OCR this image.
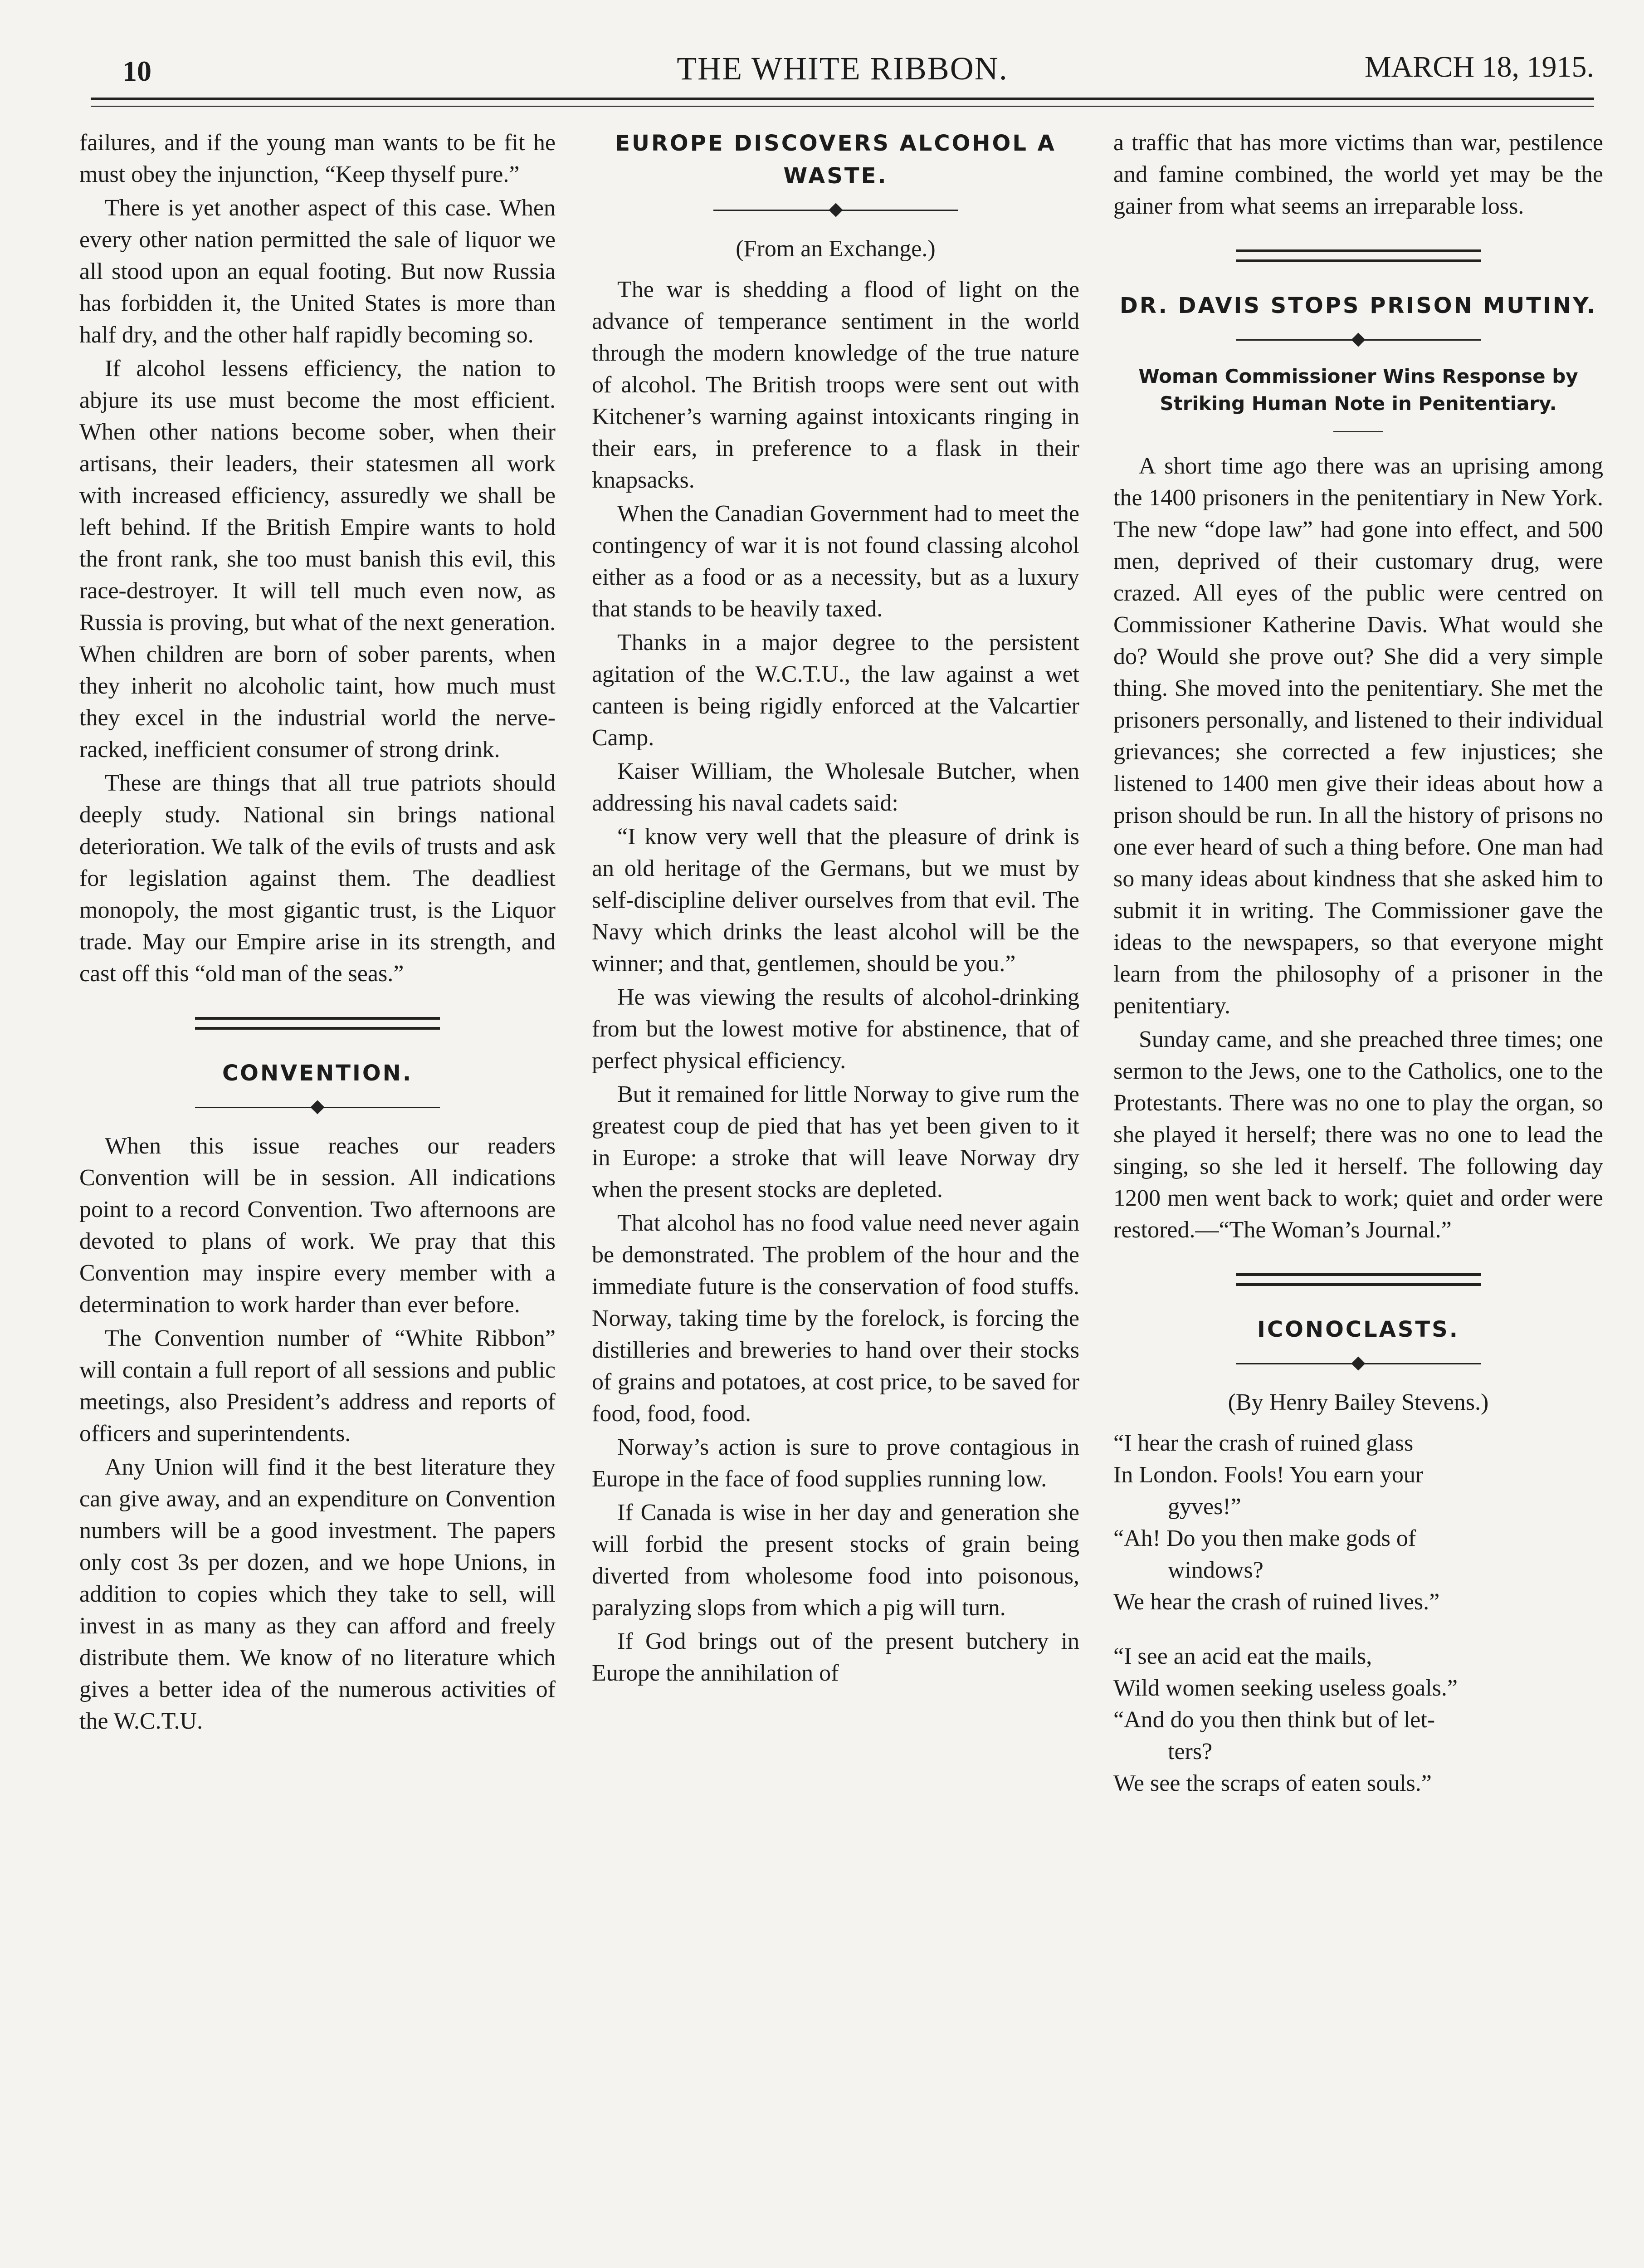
10	THE WHITE RIBBON.	MARCH 18, 1915.

failures, and if the young man wants to be fit he must obey the injunction, “Keep thyself pure.”

There is yet another aspect of this case. When every other nation permitted the sale of liquor we all stood upon an equal footing. But now Russia has forbidden it, the United States is more than half dry, and the other half rapidly becoming so.

If alcohol lessens efficiency, the nation to abjure its use must become the most efficient. When other nations become sober, when their artisans, their leaders, their statesmen all work with increased efficiency, assuredly we shall be left behind. If the British Empire wants to hold the front rank, she too must banish this evil, this race-destroyer. It will tell much even now, as Russia is proving, but what of the next generation. When children are born of sober parents, when they inherit no alcoholic taint, how much must they excel in the industrial world the nerve-racked, inefficient consumer of strong drink.

These are things that all true patriots should deeply study. National sin brings national deterioration. We talk of the evils of trusts and ask for legislation against them. The deadliest monopoly, the most gigantic trust, is the Liquor trade. May our Empire arise in its strength, and cast off this “old man of the seas.”

CONVENTION.

When this issue reaches our readers Convention will be in session. All indications point to a record Convention. Two afternoons are devoted to plans of work. We pray that this Convention may inspire every member with a determination to work harder than ever before.

The Convention number of “White Ribbon” will contain a full report of all sessions and public meetings, also President’s address and reports of officers and superintendents.

Any Union will find it the best literature they can give away, and an expenditure on Convention numbers will be a good investment. The papers only cost 3s per dozen, and we hope Unions, in addition to copies which they take to sell, will invest in as many as they can afford and freely distribute them. We know of no literature which gives a better idea of the numerous activities of the W.C.T.U.

EUROPE DISCOVERS ALCOHOL A WASTE.
(From an Exchange.)

The war is shedding a flood of light on the advance of temperance sentiment in the world through the modern knowledge of the true nature of alcohol. The British troops were sent out with Kitchener’s warning against intoxicants ringing in their ears, in preference to a flask in their knapsacks.

When the Canadian Government had to meet the contingency of war it is not found classing alcohol either as a food or as a necessity, but as a luxury that stands to be heavily taxed.

Thanks in a major degree to the persistent agitation of the W.C.T.U., the law against a wet canteen is being rigidly enforced at the Valcartier Camp.

Kaiser William, the Wholesale Butcher, when addressing his naval cadets said:

“I know very well that the pleasure of drink is an old heritage of the Germans, but we must by self-discipline deliver ourselves from that evil. The Navy which drinks the least alcohol will be the winner; and that, gentlemen, should be you.”

He was viewing the results of alcohol-drinking from but the lowest motive for abstinence, that of perfect physical efficiency.

But it remained for little Norway to give rum the greatest coup de pied that has yet been given to it in Europe: a stroke that will leave Norway dry when the present stocks are depleted.

That alcohol has no food value need never again be demonstrated. The problem of the hour and the immediate future is the conservation of food stuffs. Norway, taking time by the forelock, is forcing the distilleries and breweries to hand over their stocks of grains and potatoes, at cost price, to be saved for food, food, food.

Norway’s action is sure to prove contagious in Europe in the face of food supplies running low.

If Canada is wise in her day and generation she will forbid the present stocks of grain being diverted from wholesome food into poisonous, paralyzing slops from which a pig will turn.

If God brings out of the present butchery in Europe the annihilation of

a traffic that has more victims than war, pestilence and famine combined, the world yet may be the gainer from what seems an irreparable loss.

DR. DAVIS STOPS PRISON MUTINY.
Woman Commissioner Wins Response by Striking Human Note in Penitentiary.

A short time ago there was an uprising among the 1400 prisoners in the penitentiary in New York. The new “dope law” had gone into effect, and 500 men, deprived of their customary drug, were crazed. All eyes of the public were centred on Commissioner Katherine Davis. What would she do? Would she prove out? She did a very simple thing. She moved into the penitentiary. She met the prisoners personally, and listened to their individual grievances; she corrected a few injustices; she listened to 1400 men give their ideas about how a prison should be run. In all the history of prisons no one ever heard of such a thing before. One man had so many ideas about kindness that she asked him to submit it in writing. The Commissioner gave the ideas to the newspapers, so that everyone might learn from the philosophy of a prisoner in the penitentiary.

Sunday came, and she preached three times; one sermon to the Jews, one to the Catholics, one to the Protestants. There was no one to play the organ, so she played it herself; there was no one to lead the singing, so she led it herself. The following day 1200 men went back to work; quiet and order were restored.—“The Woman’s Journal.”

ICONOCLASTS.
(By Henry Bailey Stevens.)

“I hear the crash of ruined glass

In London. Fools! You earn your

gyves!”

“Ah! Do you then make gods of

windows?

We hear the crash of ruined lives.”

“I see an acid eat the mails,

Wild women seeking useless goals.”

“And do you then think but of let-

ters?

We see the scraps of eaten souls.”
